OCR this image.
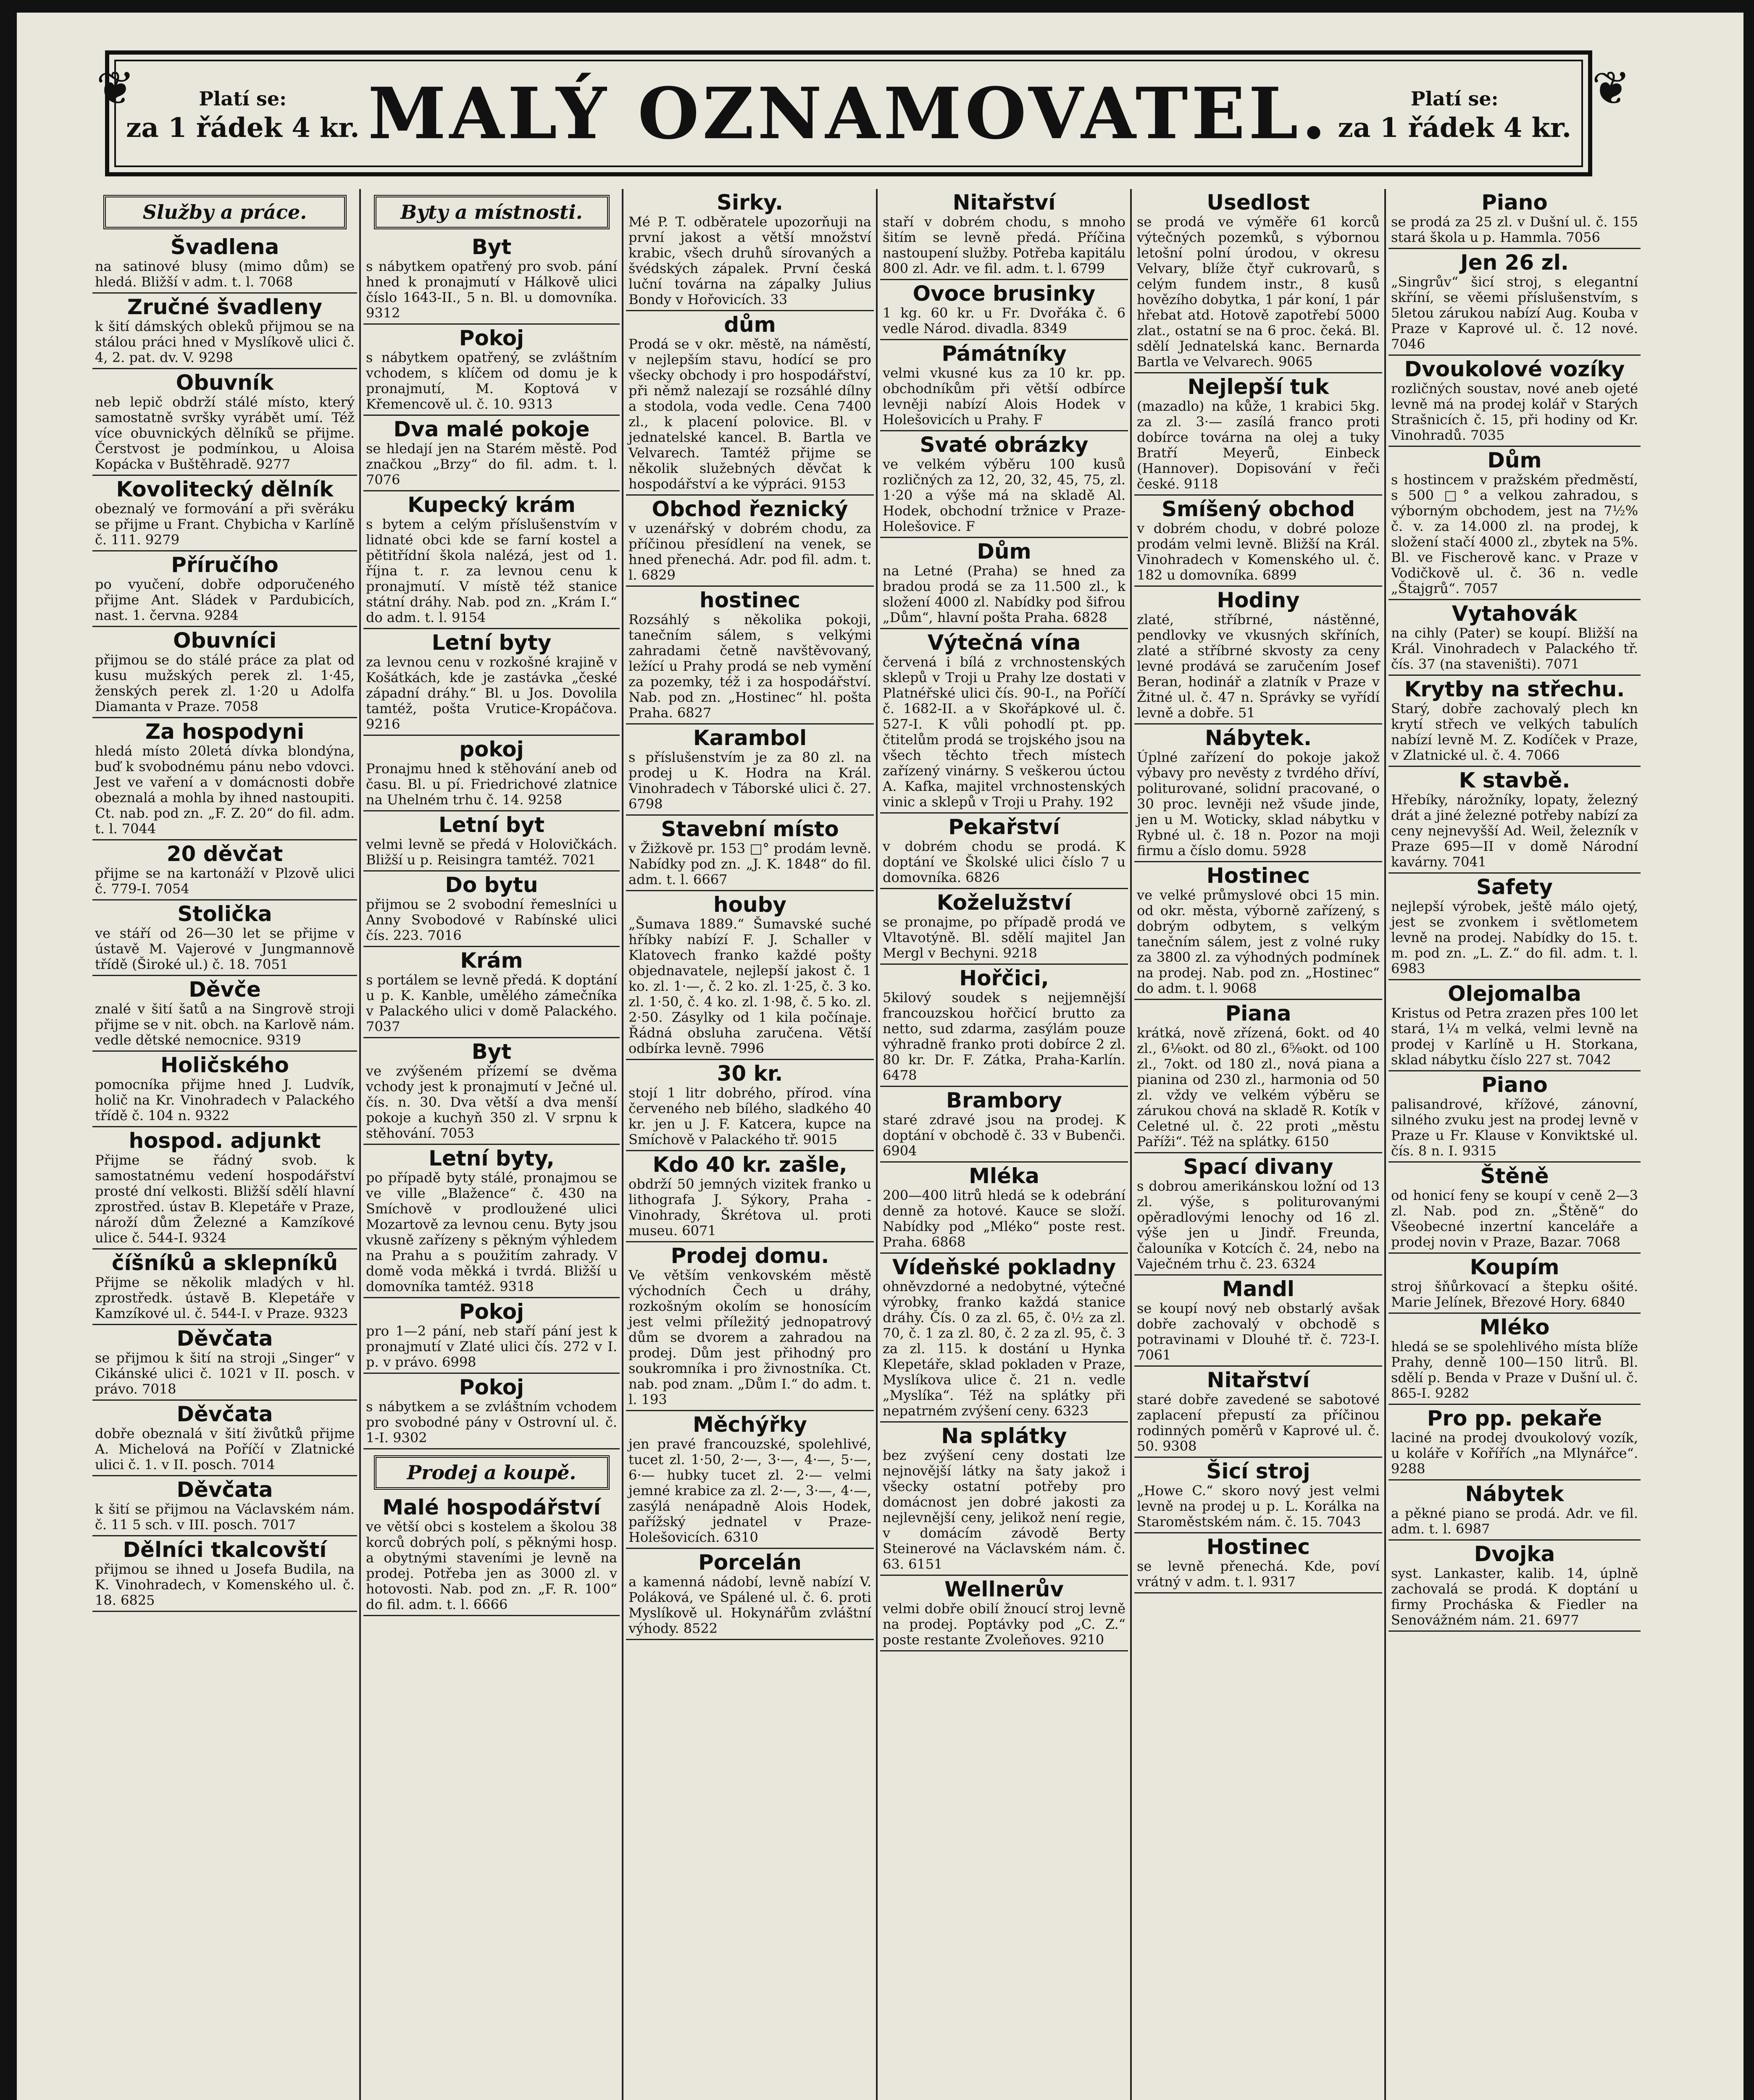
❦	❦
Platí se:
za 1 řádek 4 kr. MALÝ OZNAMOVATEL.	Platí se:
za 1 řádek 4 kr.
Služby a práce.
Švadlena

na satinové blusy (mimo dům) se hledá. Bližší v adm. t. l. 7068

Zručné švadleny

k šití dámských obleků přijmou se na stálou práci hned v Myslíkově ulici č. 4, 2. pat. dv. V. 9298

Obuvník

neb lepič obdrží stálé místo, který samostatně svršky vyrábět umí. Též více obuvnických dělníků se přijme. Čerstvost je podmínkou, u Aloisa Kopácka v Buštěhradě. 9277

Kovolitecký dělník

obeznalý ve formování a při svěráku se přijme u Frant. Chybicha v Karlíně č. 111. 9279

Příručího

po vyučení, dobře odporučeného přijme Ant. Sládek v Pardubicích, nast. 1. června. 9284

Obuvníci

přijmou se do stálé práce za plat od kusu mužských perek zl. 1·45, ženských perek zl. 1·20 u Adolfa Diamanta v Praze. 7058

Za hospodyni

hledá místo 20letá dívka blondýna, buď k svobodnému pánu nebo vdovci. Jest ve vaření a v domácnosti dobře obeznalá a mohla by ihned nastoupiti. Ct. nab. pod zn. „F. Z. 20“ do fil. adm. t. l. 7044

20 děvčat

přijme se na kartonáží v Plzově ulici č. 779-I. 7054

Stolička

ve stáří od 26—30 let se přijme v ústavě M. Vajerové v Jungmannově třídě (Široké ul.) č. 18. 7051

Děvče

znalé v šití šatů a na Singrově stroji přijme se v nit. obch. na Karlově nám. vedle dětské nemocnice. 9319

Holičského

pomocníka přijme hned J. Ludvík, holič na Kr. Vinohradech v Palackého třídě č. 104 n. 9322

hospod. adjunkt

Přijme se řádný svob. k samostatnému vedení hospodářství prosté dní velkosti. Bližší sdělí hlavní zprostřed. ústav B. Klepetáře v Praze, nároží dům Železné a Kamzíkové ulice č. 544-I. 9324

číšníků a sklepníků

Přijme se několik mladých v hl. zprostředk. ústavě B. Klepetáře v Kamzíkové ul. č. 544-I. v Praze. 9323

Děvčata

se přijmou k šití na stroji „Singer“ v Cikánské ulici č. 1021 v II. posch. v právo. 7018

Děvčata

dobře obeznalá v šití živůtků přijme A. Michelová na Poříčí v Zlatnické ulici č. 1. v II. posch. 7014

Děvčata

k šití se přijmou na Václavském nám. č. 11 5 sch. v III. posch. 7017

Dělníci tkalcovští

přijmou se ihned u Josefa Budila, na K. Vinohradech, v Komenského ul. č. 18. 6825

Byty a místnosti.
Byt

s nábytkem opatřený pro svob. pání hned k pronajmutí v Hálkově ulici číslo 1643-II., 5 n. Bl. u domovníka. 9312

Pokoj

s nábytkem opatřený, se zvláštním vchodem, s klíčem od domu je k pronajmutí, M. Koptová v Křemencově ul. č. 10. 9313

Dva malé pokoje

se hledají jen na Starém městě. Pod značkou „Brzy“ do fil. adm. t. l. 7076

Kupecký krám

s bytem a celým příslušenstvím v lidnaté obci kde se farní kostel a pětitřídní škola nalézá, jest od 1. října t. r. za levnou cenu k pronajmutí. V místě též stanice státní dráhy. Nab. pod zn. „Krám I.“ do adm. t. l. 9154

Letní byty

za levnou cenu v rozkošné krajině v Košátkách, kde je zastávka „české západní dráhy.“ Bl. u Jos. Dovolila tamtéž, pošta Vrutice-Kropáčova. 9216

pokoj

Pronajmu hned k stěhování aneb od času. Bl. u pí. Friedrichové zlatnice na Uhelném trhu č. 14. 9258

Letní byt

velmi levně se předá v Holovičkách. Bližší u p. Reisingra tamtéž. 7021

Do bytu

přijmou se 2 svobodní řemeslníci u Anny Svobodové v Rabínské ulici čís. 223. 7016

Krám

s portálem se levně předá. K doptání u p. K. Kanble, umělého zámečníka v Palackého ulici v domě Palackého. 7037

Byt

ve zvýšeném přízemí se dvěma vchody jest k pronajmutí v Ječné ul. čís. n. 30. Dva větší a dva menší pokoje a kuchyň 350 zl. V srpnu k stěhování. 7053

Letní byty,

po případě byty stálé, pronajmou se ve ville „Blažence“ č. 430 na Smíchově v prodloužené ulici Mozartově za levnou cenu. Byty jsou vkusně zařízeny s pěkným výhledem na Prahu a s použitím zahrady. V domě voda měkká i tvrdá. Bližší u domovníka tamtéž. 9318

Pokoj

pro 1—2 pání, neb staří pání jest k pronajmutí v Zlaté ulici čís. 272 v I. p. v právo. 6998

Pokoj

s nábytkem a se zvláštním vchodem pro svobodné pány v Ostrovní ul. č. 1-I. 9302

Prodej a koupě.
Malé hospodářství

ve větší obci s kostelem a školou 38 korců dobrých polí, s pěknými hosp. a obytnými staveními je levně na prodej. Potřeba jen as 3000 zl. v hotovosti. Nab. pod zn. „F. R. 100“ do fil. adm. t. l. 6666

Sirky.

Mé P. T. odběratele upozorňuji na první jakost a větší množství krabic, všech druhů sírovaných a švédských zápalek. První česká luční továrna na zápalky Julius Bondy v Hořovicích. 33

dům

Prodá se v okr. městě, na náměstí, v nejlepším stavu, hodící se pro všecky obchody i pro hospodářství, při němž nalezají se rozsáhlé dílny a stodola, voda vedle. Cena 7400 zl., k placení polovice. Bl. v jednatelské kancel. B. Bartla ve Velvarech. Tamtéž přijme se několik služebných děvčat k hospodářství a ke výpráci. 9153

Obchod řeznický

v uzenářský v dobrém chodu, za příčinou přesídlení na venek, se hned přenechá. Adr. pod fil. adm. t. l. 6829

hostinec

Rozsáhlý s několika pokoji, tanečním sálem, s velkými zahradami četně navštěvovaný, ležící u Prahy prodá se neb vymění za pozemky, též i za hospodářství. Nab. pod zn. „Hostinec“ hl. pošta Praha. 6827

Karambol

s příslušenstvím je za 80 zl. na prodej u K. Hodra na Král. Vinohradech v Táborské ulici č. 27. 6798

Stavební místo

v Žižkově pr. 153 □° prodám levně. Nabídky pod zn. „J. K. 1848“ do fil. adm. t. l. 6667

houby

„Šumava 1889.“ Šumavské suché hříbky nabízí F. J. Schaller v Klatovech franko každé pošty objednavatele, nejlepší jakost č. 1 ko. zl. 1·—, č. 2 ko. zl. 1·25, č. 3 ko. zl. 1·50, č. 4 ko. zl. 1·98, č. 5 ko. zl. 2·50. Zásylky od 1 kila počínaje. Řádná obsluha zaručena. Větší odbírka levně. 7996

30 kr.

stojí 1 litr dobrého, přírod. vína červeného neb bílého, sladkého 40 kr. jen u J. F. Katcera, kupce na Smíchově v Palackého tř. 9015

Kdo 40 kr. zašle,

obdrží 50 jemných vizitek franko u lithografa J. Sýkory, Praha - Vinohrady, Škrétova ul. proti museu. 6071

Prodej domu.

Ve větším venkovském městě východních Čech u dráhy, rozkošným okolím se honosícím jest velmi příležitý jednopatrový dům se dvorem a zahradou na prodej. Dům jest přihodný pro soukromníka i pro živnostníka. Ct. nab. pod znam. „Dům I.“ do adm. t. l. 193

Měchýřky

jen pravé francouzské, spolehlivé, tucet zl. 1·50, 2·—, 3·—, 4·—, 5·—, 6·— hubky tucet zl. 2·— velmi jemné krabice za zl. 2·—, 3·—, 4·—, zasýlá nenápadně Alois Hodek, pařížský jednatel v Praze-Holešovicích. 6310

Porcelán

a kamenná nádobí, levně nabízí V. Poláková, ve Spálené ul. č. 6. proti Myslíkově ul. Hokynářům zvláštní výhody. 8522

Nitařství

staří v dobrém chodu, s mnoho šitím se levně předá. Příčina nastoupení služby. Potřeba kapitálu 800 zl. Adr. ve fil. adm. t. l. 6799

Ovoce brusinky

1 kg. 60 kr. u Fr. Dvořáka č. 6 vedle Národ. divadla. 8349

Pámátníky

velmi vkusné kus za 10 kr. pp. obchodníkům při větší odbírce levněji nabízí Alois Hodek v Holešovicích u Prahy. F

Svaté obrázky

ve velkém výběru 100 kusů rozličných za 12, 20, 32, 45, 75, zl. 1·20 a výše má na skladě Al. Hodek, obchodní tržnice v Praze-Holešovice. F

Dům

na Letné (Praha) se hned za bradou prodá se za 11.500 zl., k složení 4000 zl. Nabídky pod šifrou „Dům“, hlavní pošta Praha. 6828

Výtečná vína

červená i bílá z vrchnostenských sklepů v Troji u Prahy lze dostati v Platnéřské ulici čís. 90-I., na Poříčí č. 1682-II. a v Skořápkové ul. č. 527-I. K vůli pohodlí pt. pp. čtitelům prodá se trojského jsou na všech těchto třech místech zařízený vinárny. S veškerou úctou A. Kafka, majitel vrchnostenských vinic a sklepů v Troji u Prahy. 192

Pekařství

v dobrém chodu se prodá. K doptání ve Školské ulici číslo 7 u domovníka. 6826

Koželužství

se pronajme, po případě prodá ve Vltavotýně. Bl. sdělí majitel Jan Mergl v Bechyni. 9218

Hořčici,

5kilový soudek s nejjemnější francouzskou hořčicí brutto za netto, sud zdarma, zasýlám pouze výhradně franko proti dobírce 2 zl. 80 kr. Dr. F. Zátka, Praha-Karlín. 6478

Brambory

staré zdravé jsou na prodej. K doptání v obchodě č. 33 v Bubenči. 6904

Mléka

200—400 litrů hledá se k odebrání denně za hotové. Kauce se složí. Nabídky pod „Mléko“ poste rest. Praha. 6868

Vídeňské pokladny

ohněvzdorné a nedobytné, výtečné výrobky, franko každá stanice dráhy. Čís. 0 za zl. 65, č. 0½ za zl. 70, č. 1 za zl. 80, č. 2 za zl. 95, č. 3 za zl. 115. k dostání u Hynka Klepetáře, sklad pokladen v Praze, Myslíkova ulice č. 21 n. vedle „Myslíka“. Též na splátky při nepatrném zvýšení ceny. 6323

Na splátky

bez zvýšení ceny dostati lze nejnovější látky na šaty jakož i všecky ostatní potřeby pro domácnost jen dobré jakosti za nejlevnější ceny, jelikož není regie, v domácím závodě Berty Steinerové na Václavském nám. č. 63. 6151

Wellnerův

velmi dobře obilí žnoucí stroj levně na prodej. Poptávky pod „C. Z.“ poste restante Zvoleňoves. 9210

Usedlost

se prodá ve výměře 61 korců výtečných pozemků, s výbornou letošní polní úrodou, v okresu Velvary, blíže čtyř cukrovarů, s celým fundem instr., 8 kusů hovězího dobytka, 1 pár koní, 1 pár hřebat atd. Hotově zapotřebí 5000 zlat., ostatní se na 6 proc. čeká. Bl. sdělí Jednatelská kanc. Bernarda Bartla ve Velvarech. 9065

Nejlepší tuk

(mazadlo) na kůže, 1 krabici 5kg. za zl. 3·— zasílá franco proti dobírce továrna na olej a tuky Bratří Meyerů, Einbeck (Hannover). Dopisování v řeči české. 9118

Smíšený obchod

v dobrém chodu, v dobré poloze prodám velmi levně. Bližší na Král. Vinohradech v Komenského ul. č. 182 u domovníka. 6899

Hodiny

zlaté, stříbrné, nástěnné, pendlovky ve vkusných skříních, zlaté a stříbrné skvosty za ceny levné prodává se zaručením Josef Beran, hodinář a zlatník v Praze v Žitné ul. č. 47 n. Správky se vyřídí levně a dobře. 51

Nábytek.

Úplné zařízení do pokoje jakož výbavy pro nevěsty z tvrdého dříví, politurované, solidní pracované, o 30 proc. levněji než všude jinde, jen u M. Woticky, sklad nábytku v Rybné ul. č. 18 n. Pozor na moji firmu a číslo domu. 5928

Hostinec

ve velké průmyslové obci 15 min. od okr. města, výborně zařízený, s dobrým odbytem, s velkým tanečním sálem, jest z volné ruky za 3800 zl. za výhodných podmínek na prodej. Nab. pod zn. „Hostinec“ do adm. t. l. 9068

Piana

krátká, nově zřízená, 6okt. od 40 zl., 6⅛okt. od 80 zl., 6⅝okt. od 100 zl., 7okt. od 180 zl., nová piana a pianina od 230 zl., harmonia od 50 zl. vždy ve velkém výběru se zárukou chová na skladě R. Kotík v Celetné ul. č. 22 proti „městu Paříži“. Též na splátky. 6150

Spací divany

s dobrou amerikánskou ložní od 13 zl. výše, s politurovanými opěradlovými lenochy od 16 zl. výše jen u Jindř. Freunda, čalouníka v Kotcích č. 24, nebo na Vaječném trhu č. 23. 6324

Mandl

se koupí nový neb obstarlý avšak dobře zachovalý v obchodě s potravinami v Dlouhé tř. č. 723-I. 7061

Nitařství

staré dobře zavedené se sabotové zaplacení přepustí za příčinou rodinných poměrů v Kaprové ul. č. 50. 9308

Šicí stroj

„Howe C.“ skoro nový jest velmi levně na prodej u p. L. Korálka na Staroměstském nám. č. 15. 7043

Hostinec

se levně přenechá. Kde, poví vrátný v adm. t. l. 9317

Piano

se prodá za 25 zl. v Dušní ul. č. 155 stará škola u p. Hammla. 7056

Jen 26 zl.

„Singrův“ šicí stroj, s elegantní skříní, se věemi příslušenstvím, s 5letou zárukou nabízí Aug. Kouba v Praze v Kaprové ul. č. 12 nové. 7046

Dvoukolové vozíky

rozličných soustav, nové aneb ojeté levně má na prodej kolář v Starých Strašnicích č. 15, při hodiny od Kr. Vinohradů. 7035

Dům

s hostincem v pražském předměstí, s 500 □° a velkou zahradou, s výborným obchodem, jest na 7½% č. v. za 14.000 zl. na prodej, k složení stačí 4000 zl., zbytek na 5%. Bl. ve Fischerově kanc. v Praze v Vodičkově ul. č. 36 n. vedle „Štajgrů“. 7057

Vytahovák

na cihly (Pater) se koupí. Bližší na Král. Vinohradech v Palackého tř. čís. 37 (na staveništi). 7071

Krytby na střechu.

Starý, dobře zachovalý plech kn krytí střech ve velkých tabulích nabízí levně M. Z. Kodíček v Praze, v Zlatnické ul. č. 4. 7066

K stavbě.

Hřebíky, nárožníky, lopaty, železný drát a jiné železné potřeby nabízí za ceny nejnevyšší Ad. Weil, železník v Praze 695—II v domě Národní kavárny. 7041

Safety

nejlepší výrobek, ještě málo ojetý, jest se zvonkem i světlometem levně na prodej. Nabídky do 15. t. m. pod zn. „L. Z.“ do fil. adm. t. l. 6983

Olejomalba

Kristus od Petra zrazen přes 100 let stará, 1¼ m velká, velmi levně na prodej v Karlíně u H. Storkana, sklad nábytku číslo 227 st. 7042

Piano

palisandrové, křížové, zánovní, silného zvuku jest na prodej levně v Praze u Fr. Klause v Konviktské ul. čís. 8 n. I. 9315

Štěně

od honicí feny se koupí v ceně 2—3 zl. Nab. pod zn. „Štěně“ do Všeobecné inzertní kanceláře a prodej novin v Praze, Bazar. 7068

Koupím

stroj šňůrkovací a štepku ošité. Marie Jelínek, Březové Hory. 6840

Mléko

hledá se se spolehlivého místa blíže Prahy, denně 100—150 litrů. Bl. sdělí p. Benda v Praze v Dušní ul. č. 865-I. 9282

Pro pp. pekaře

laciné na prodej dvoukolový vozík, u koláře v Kořířích „na Mlynářce“. 9288

Nábytek

a pěkné piano se prodá. Adr. ve fil. adm. t. l. 6987

Dvojka

syst. Lankaster, kalib. 14, úplně zachovalá se prodá. K doptání u firmy Procháska & Fiedler na Senovážném nám. 21. 6977
